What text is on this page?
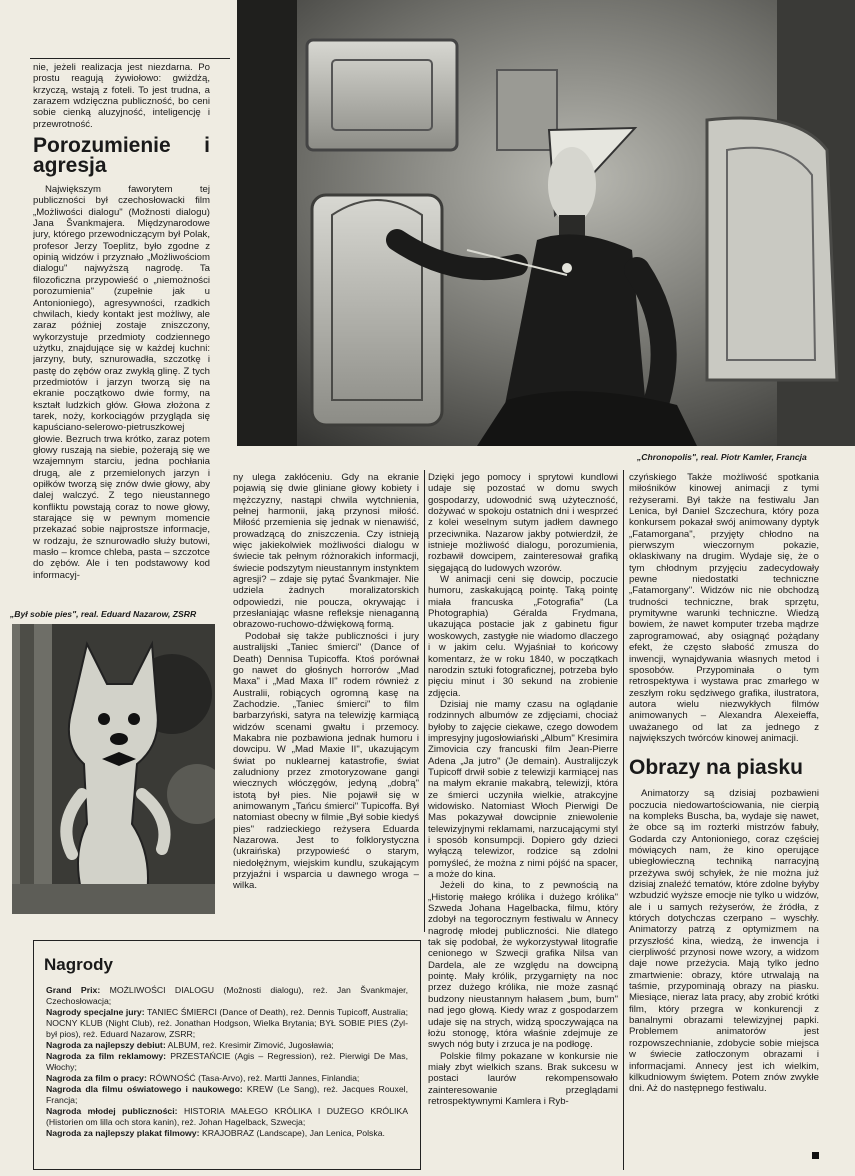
nie, jeżeli realizacja jest niezdarna. Po prostu reagują żywiołowo: gwiżdżą, krzyczą, wstają z foteli. To jest trudna, a zarazem wdzięczna publiczność, bo ceni sobie cienką aluzyjność, inteligencję i przewrotność.

Porozumienie i agresja

Największym faworytem tej publiczności był czechosłowacki film „Możliwości dialogu" (Možnosti dialogu) Jana Švankmajera. Międzynarodowe jury, którego przewodniczącym był Polak, profesor Jerzy Toeplitz, było zgodne z opinią widzów i przyznało „Możliwościom dialogu" najwyższą nagrodę. Ta filozoficzna przypowieść o „niemożności porozumienia" (zupełnie jak u Antonioniego), agresywności, rzadkich chwilach, kiedy kontakt jest możliwy, ale zaraz później zostaje zniszczony, wykorzystuje przedmioty codziennego użytku, znajdujące się w każdej kuchni: jarzyny, buty, sznurowadła, szczotkę i pastę do zębów oraz zwykłą glinę. Z tych przedmiotów i jarzyn tworzą się na ekranie początkowo dwie formy, na kształt ludzkich głów. Głowa złożona z tarek, noży, korkociągów przygląda się kapuściano-selerowo-pietruszkowej głowie. Bezruch trwa krótko, zaraz potem głowy ruszają na siebie, pożerają się we wzajemnym starciu, jedna pochłania drugą, ale z przemielonych jarzyn i opiłków tworzą się znów dwie głowy, aby dalej walczyć. Z tego nieustannego konfliktu powstają coraz to nowe głowy, starające się w pewnym momencie przekazać sobie najprostsze informacje, w rodzaju, że sznurowadło służy butowi, masło – kromce chleba, pasta – szczotce do zębów. Ale i ten podstawowy kod informacyj-

„Chronopolis", real. Piotr Kamler, Francja
„Był sobie pies", real. Eduard Nazarow, ZSRR

ny ulega zakłóceniu. Gdy na ekranie pojawią się dwie gliniane głowy kobiety i mężczyzny, nastąpi chwila wytchnienia, pełnej harmonii, jaką przynosi miłość. Miłość przemienia się jednak w nienawiść, prowadzącą do zniszczenia. Czy istnieją więc jakiekolwiek możliwości dialogu w świecie tak pełnym różnorakich informacji, świecie podszytym nieustannym instynktem agresji? – zdaje się pytać Švankmajer. Nie udziela żadnych moralizatorskich odpowiedzi, nie poucza, okrywając i przesłaniając własne refleksje nienaganną obrazowo-ruchowo-dźwiękową formą.
Podobał się także publiczności i jury australijski „Taniec śmierci" (Dance of Death) Dennisa Tupicoffa. Ktoś porównał go nawet do głośnych horrorów „Mad Maxa" i „Mad Maxa II" rodem również z Australii, robiących ogromną kasę na Zachodzie. „Taniec śmierci" to film barbarzyński, satyra na telewizję karmiącą widzów scenami gwałtu i przemocy. Makabra nie pozbawiona jednak humoru i dowcipu. W „Mad Maxie II", ukazującym świat po nuklearnej katastrofie, świat zaludniony przez zmotoryzowane gangi wiecznych włóczęgów, jedyną „dobrą" istotą był pies. Nie pojawił się w animowanym „Tańcu śmierci" Tupicoffa. Był natomiast obecny w filmie „Był sobie kiedyś pies" radzieckiego reżysera Eduarda Nazarowa. Jest to folklorystyczna (ukraińska) przypowieść o starym, niedołężnym, wiejskim kundlu, szukającym przyjaźni i wsparcia u dawnego wroga – wilka.

Dzięki jego pomocy i sprytowi kundlowi udaje się pozostać w domu swych gospodarzy, udowodnić swą użyteczność, dożywać w spokoju ostatnich dni i wesprzeć z kolei weselnym sutym jadłem dawnego przeciwnika. Nazarow jakby potwierdził, że istnieje możliwość dialogu, porozumienia, rozbawił dowcipem, zainteresował grafiką sięgającą do ludowych wzorów.
W animacji ceni się dowcip, poczucie humoru, zaskakującą pointę. Taką pointę miała francuska „Fotografia" (La Photographia) Géralda Frydmana, ukazująca postacie jak z gabinetu figur woskowych, zastygłe nie wiadomo dlaczego i w jakim celu. Wyjaśniał to końcowy komentarz, że w roku 1840, w początkach narodzin sztuki fotograficznej, potrzeba było pięciu minut i 30 sekund na zrobienie zdjęcia.
Dzisiaj nie mamy czasu na oglądanie rodzinnych albumów ze zdjęciami, chociaż byłoby to zajęcie ciekawe, czego dowodem impresyjny jugosłowiański „Album" Kresimira Zimovicia czy francuski film Jean-Pierre Adena „Ja jutro" (Je demain). Australijczyk Tupicoff drwił sobie z telewizji karmiącej nas na małym ekranie makabrą, telewizji, która ze śmierci uczyniła wielkie, atrakcyjne widowisko. Natomiast Włoch Pierwigi De Mas pokazywał dowcipnie zniewolenie telewizyjnymi reklamami, narzucającymi styl i sposób konsumpcji. Dopiero gdy dzieci wyłączą telewizor, rodzice są zdolni pomyśleć, że można z nimi pójść na spacer, a może do kina.
Jeżeli do kina, to z pewnością na „Historię małego królika i dużego królika" Szweda Johana Hagelbacka, filmu, który zdobył na tegorocznym festiwalu w Annecy nagrodę młodej publiczności. Nie dlatego tak się podobał, że wykorzystywał litografie cenionego w Szwecji grafika Nilsa van Dardela, ale ze względu na dowcipną pointę. Mały królik, przygarnięty na noc przez dużego królika, nie może zasnąć budzony nieustannym hałasem „bum, bum" nad jego głową. Kiedy wraz z gospodarzem udaje się na strych, widzą spoczywająca na łożu stonogę, która właśnie zdejmuje ze swych nóg buty i zrzuca je na podłogę.
Polskie filmy pokazane w konkursie nie miały zbyt wielkich szans. Brak sukcesu w postaci laurów rekompensowało zainteresowanie przeglądami retrospektywnymi Kamlera i Ryb-

czyńskiego Także możliwość spotkania miłośników kinowej animacji z tymi reżyserami. Był także na festiwalu Jan Lenica, był Daniel Szczechura, który poza konkursem pokazał swój animowany dyptyk „Fatamorgana", przyjęty chłodno na pierwszym wieczornym pokazie, oklaskiwany na drugim. Wydaje się, że o tym chłodnym przyjęciu zadecydowały pewne niedostatki techniczne „Fatamorgany". Widzów nic nie obchodzą trudności techniczne, brak sprzętu, prymitywne warunki techniczne. Wiedzą bowiem, że nawet komputer trzeba mądrze zaprogramować, aby osiągnąć pożądany efekt, że często słabość zmusza do inwencji, wynajdywania własnych metod i sposobów. Przypominała o tym retrospektywa i wystawa prac zmarłego w zeszłym roku sędziwego grafika, ilustratora, autora wielu niezwykłych filmów animowanych – Alexandra Alexeieffa, uważanego od lat za jednego z największych twórców kinowej animacji.

Obrazy na piasku

Animatorzy są dzisiaj pozbawieni poczucia niedowartościowania, nie cierpią na kompleks Buscha, ba, wydaje się nawet, że obce są im rozterki mistrzów fabuły, Godarda czy Antonioniego, coraz częściej mówiących nam, że kino operujące ubiegłowieczną techniką narracyjną przeżywa swój schyłek, że nie można już dzisiaj znaleźć tematów, które zdolne byłyby wzbudzić wyższe emocje nie tylko u widzów, ale i u samych reżyserów, że źródła, z których dotychczas czerpano – wyschły. Animatorzy patrzą z optymizmem na przyszłość kina, wiedzą, że inwencja i cierpliwość przynosi nowe wzory, a widzom daje nowe przeżycia. Mają tylko jedno zmartwienie: obrazy, które utrwalają na taśmie, przypominają obrazy na piasku. Miesiące, nieraz lata pracy, aby zrobić krótki film, który przegra w konkurencji z banalnymi obrazami telewizyjnej papki. Problemem animatorów jest rozpowszechnianie, zdobycie sobie miejsca w świecie zatłoczonym obrazami i informacjami. Annecy jest ich wielkim, kilkudniowym świętem. Potem znów zwykłe dni. Aż do następnego festiwalu.

Nagrody

Grand Prix: MOŻLIWOŚCI DIALOGU (Možnosti dialogu), reż. Jan Švankmajer, Czechosłowacja;

Nagrody specjalne jury: TANIEC ŚMIERCI (Dance of Death), reż. Dennis Tupicoff, Australia; NOCNY KLUB (Night Club), reż. Jonathan Hodgson, Wielka Brytania; BYŁ SOBIE PIES (Żyl-był pios), reż. Eduard Nazarow, ZSRR;

Nagroda za najlepszy debiut: ALBUM, reż. Kresimir Zimović, Jugosławia;

Nagroda za film reklamowy: PRZESTAŃCIE (Agis – Regression), reż. Pierwigi De Mas, Włochy;

Nagroda za film o pracy: RÓWNOŚĆ (Tasa-Arvo), reż. Martti Jannes, Finlandia;

Nagroda dla filmu oświatowego i naukowego: KREW (Le Sang), reż. Jacques Rouxel, Francja;

Nagroda młodej publiczności: HISTORIA MAŁEGO KRÓLIKA I DUŻEGO KRÓLIKA (Historien om lilla och stora kanin), reż. Johan Hagelback, Szwecja;

Nagroda za najlepszy plakat filmowy: KRAJOBRAZ (Landscape), Jan Lenica, Polska.
